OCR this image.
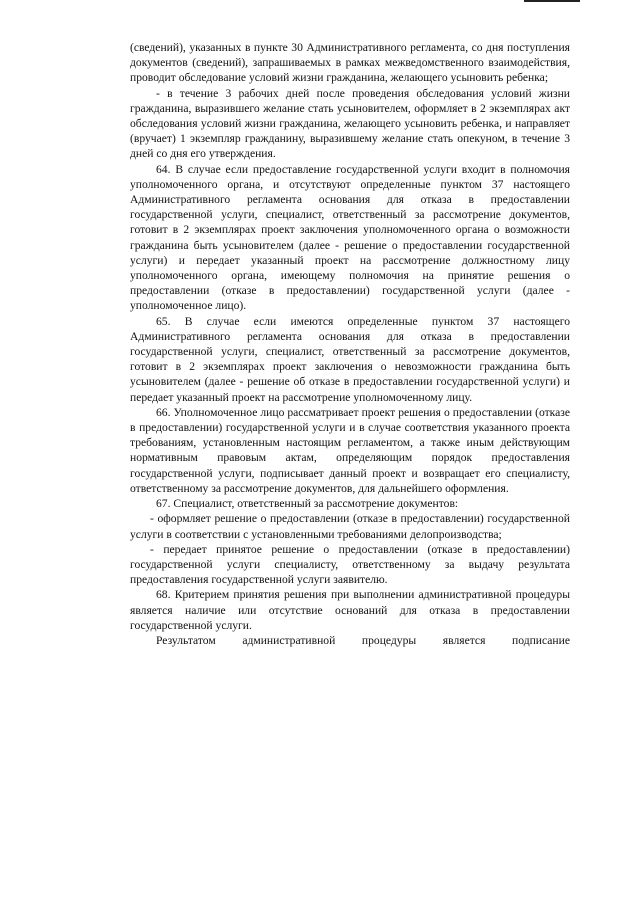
(сведений), указанных в пункте 30 Административного регламента, со дня поступления документов (сведений), запрашиваемых в рамках межведомственного взаимодействия, проводит обследование условий жизни гражданина, желающего усыновить ребенка;

- в течение 3 рабочих дней после проведения обследования условий жизни гражданина, выразившего желание стать усыновителем, оформляет в 2 экземплярах акт обследования условий жизни гражданина, желающего усыновить ребенка, и направляет (вручает) 1 экземпляр гражданину, выразившему желание стать опекуном, в течение 3 дней со дня его утверждения.

64. В случае если предоставление государственной услуги входит в полномочия уполномоченного органа, и отсутствуют определенные пунктом 37 настоящего Административного регламента основания для отказа в предоставлении государственной услуги, специалист, ответственный за рассмотрение документов, готовит в 2 экземплярах проект заключения уполномоченного органа о возможности гражданина быть усыновителем (далее - решение о предоставлении государственной услуги) и передает указанный проект на рассмотрение должностному лицу уполномоченного органа, имеющему полномочия на принятие решения о предоставлении (отказе в предоставлении) государственной услуги (далее - уполномоченное лицо).

65. В случае если имеются определенные пунктом 37 настоящего Административного регламента основания для отказа в предоставлении государственной услуги, специалист, ответственный за рассмотрение документов, готовит в 2 экземплярах проект заключения о невозможности гражданина быть усыновителем (далее - решение об отказе в предоставлении государственной услуги) и передает указанный проект на рассмотрение уполномоченному лицу.

66. Уполномоченное лицо рассматривает проект решения о предоставлении (отказе в предоставлении) государственной услуги и в случае соответствия указанного проекта требованиям, установленным настоящим регламентом, а также иным действующим нормативным правовым актам, определяющим порядок предоставления государственной услуги, подписывает данный проект и возвращает его специалисту, ответственному за рассмотрение документов, для дальнейшего оформления.

67. Специалист, ответственный за рассмотрение документов:

- оформляет решение о предоставлении (отказе в предоставлении) государственной услуги в соответствии с установленными требованиями делопроизводства;

- передает принятое решение о предоставлении (отказе в предоставлении) государственной услуги специалисту, ответственному за выдачу результата предоставления государственной услуги заявителю.

68. Критерием принятия решения при выполнении административной процедуры является наличие или отсутствие оснований для отказа в предоставлении государственной услуги.

Результатом административной процедуры является подписание
